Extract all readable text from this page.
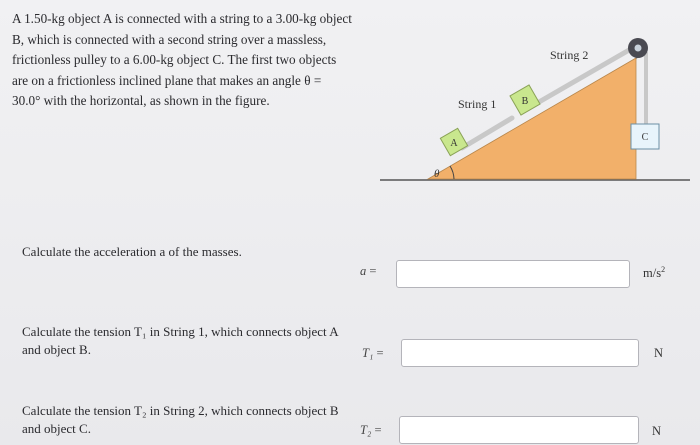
A 1.50-kg object A is connected with a string to a 3.00-kg object B, which is connected with a second string over a massless, frictionless pulley to a 6.00-kg object C. The first two objects are on a frictionless inclined plane that makes an angle θ = 30.0° with the horizontal, as shown in the figure.

A
B
C
String 1
String 2
θ

Calculate the acceleration a of the masses.

a =	$m/s^2$

Calculate the tension T₁ in String 1, which connects object A and object B.	T₁ =	N

Calculate the tension T₂ in String 2, which connects object B and object C.	T₂ =	N
